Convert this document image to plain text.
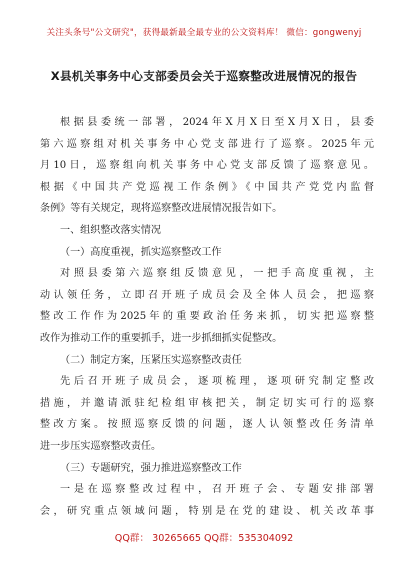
关注头条号"公文研究"，获得最新最全最专业的公文资料库！ 微信：gongwenyj
X县机关事务中心支部委员会关于巡察整改进展情况的报告
根据县委统一部署，2024年X月X日至X月X日，县委
第六巡察组对机关事务中心党支部进行了巡察。2025年元
月10日，巡察组向机关事务中心党支部反馈了巡察意见。
根据《中国共产党巡视工作条例》《中国共产党党内监督
条例》等有关规定，现将巡察整改进展情况报告如下。
一、组织整改落实情况
（一）高度重视，抓实巡察整改工作
对照县委第六巡察组反馈意见，一把手高度重视，主
动认领任务，立即召开班子成员会及全体人员会，把巡察
整改工作作为2025年的重要政治任务来抓，切实把巡察整
改作为推动工作的重要抓手，进一步抓细抓实促整改。
（二）制定方案，压紧压实巡察整改责任
先后召开班子成员会，逐项梳理，逐项研究制定整改
措施，并邀请派驻纪检组审核把关，制定切实可行的巡察
整改方案。按照巡察反馈的问题，逐人认领整改任务清单
进一步压实巡察整改责任。
（三）专题研究，强力推进巡察整改工作
一是在巡察整改过程中，召开班子会、专题安排部署
会，研究重点领域问题，特别是在党的建设、机关改革事
QQ群： 30265665 QQ群：535304092
